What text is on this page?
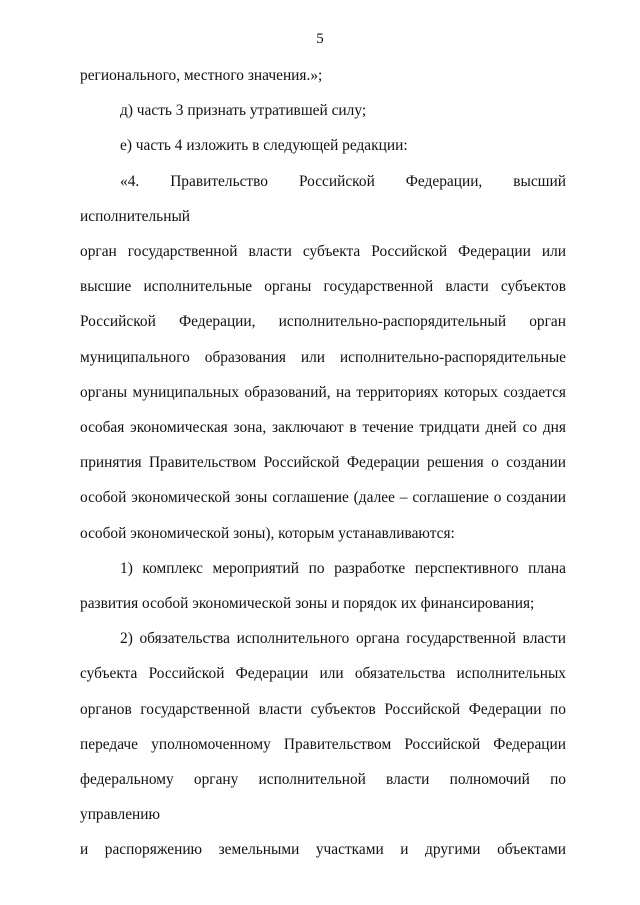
5

регионального, местного значения.»;

д) часть 3 признать утратившей силу;

е) часть 4 изложить в следующей редакции:

«4. Правительство Российской Федерации, высший исполнительный

орган государственной власти субъекта Российской Федерации или

высшие исполнительные органы государственной власти субъектов

Российской Федерации, исполнительно-распорядительный орган

муниципального образования или исполнительно-распорядительные

органы муниципальных образований, на территориях которых создается

особая экономическая зона, заключают в течение тридцати дней со дня

принятия Правительством Российской Федерации решения о создании

особой экономической зоны соглашение (далее – соглашение о создании

особой экономической зоны), которым устанавливаются:

1) комплекс мероприятий по разработке перспективного плана

развития особой экономической зоны и порядок их финансирования;

2) обязательства исполнительного органа государственной власти

субъекта Российской Федерации или обязательства исполнительных

органов государственной власти субъектов Российской Федерации по

передаче уполномоченному Правительством Российской Федерации

федеральному органу исполнительной власти полномочий по управлению

и распоряжению земельными участками и другими объектами
